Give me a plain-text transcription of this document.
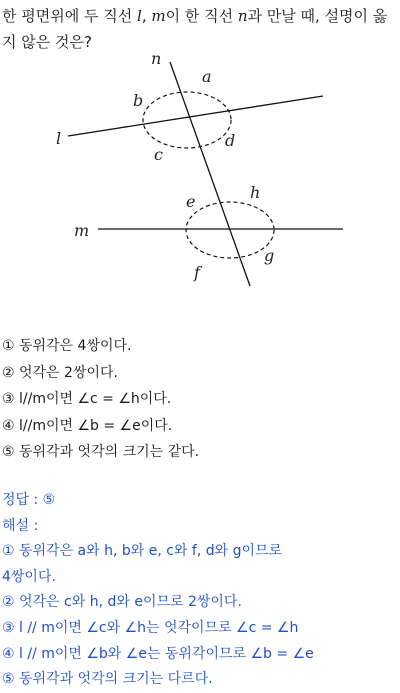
한 평면위에 두 직선 l, m이 한 직선 n과 만날 때, 설명이 옳지 않은 것은?
n
a
b
l
c
d
e	h
m
f
g
① 동위각은 4쌍이다.
② 엇각은 2쌍이다.
③ l//m이면 ∠c = ∠h이다.
④ l//m이면 ∠b = ∠e이다.
⑤ 동위각과 엇각의 크기는 같다.
정답 : ⑤
해설 :
① 동위각은 a와 h, b와 e, c와 f, d와 g이므로
4쌍이다.
② 엇각은 c와 h, d와 e이므로 2쌍이다.
③ l // m이면 ∠c와 ∠h는 엇각이므로 ∠c = ∠h
④ l // m이면 ∠b와 ∠e는 동위각이므로 ∠b = ∠e
⑤ 동위각과 엇각의 크기는 다르다.
